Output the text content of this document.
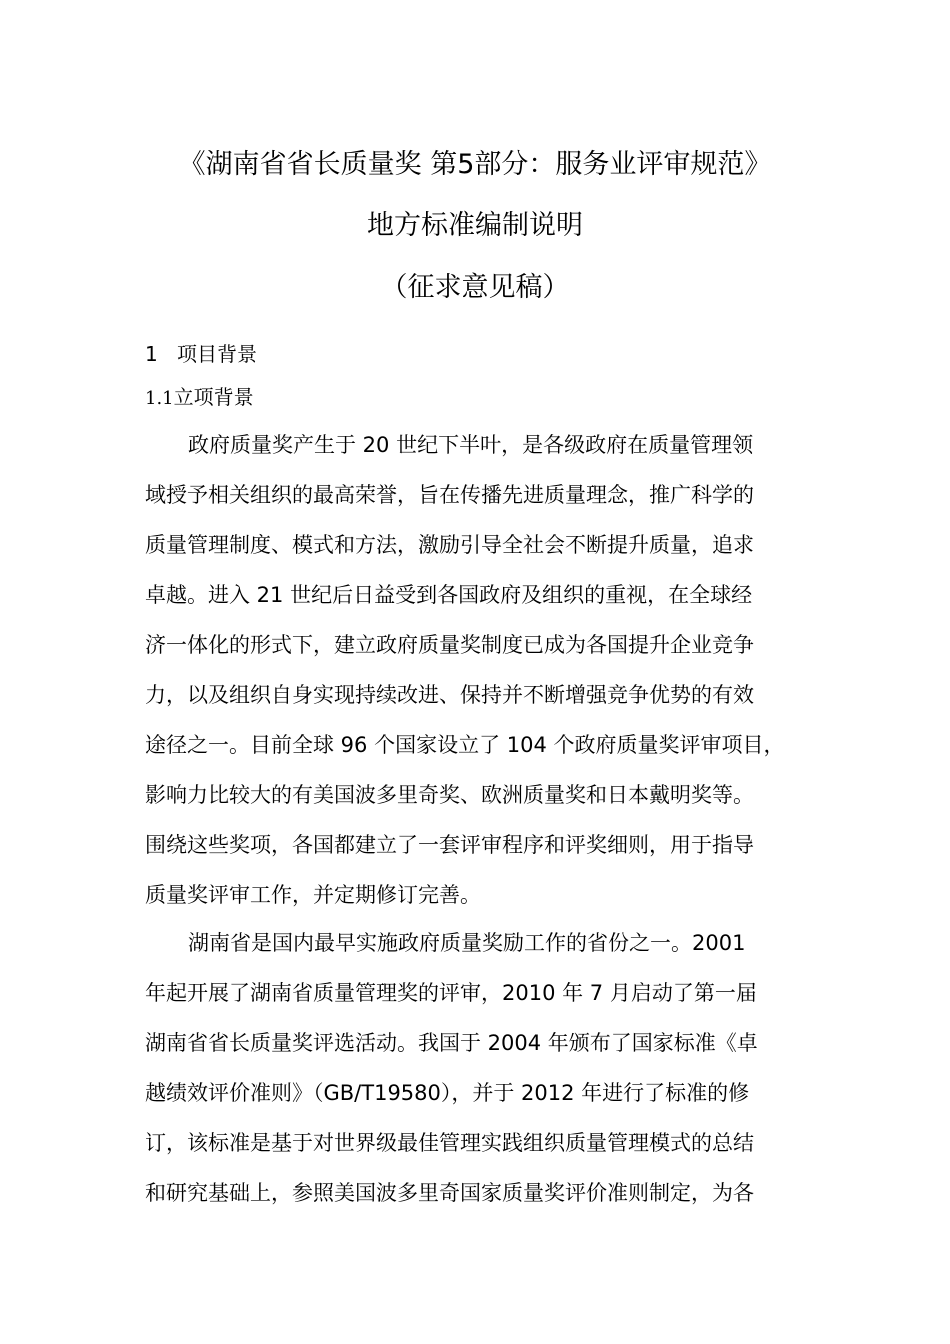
《湖南省省长质量奖 第5部分：服务业评审规范》
地方标准编制说明
（征求意见稿）
1 项目背景
1.1立项背景
政府质量奖产生于 20 世纪下半叶，是各级政府在质量管理领
域授予相关组织的最高荣誉，旨在传播先进质量理念，推广科学的
质量管理制度、模式和方法，激励引导全社会不断提升质量，追求
卓越。进入 21 世纪后日益受到各国政府及组织的重视，在全球经
济一体化的形式下，建立政府质量奖制度已成为各国提升企业竞争
力，以及组织自身实现持续改进、保持并不断增强竞争优势的有效
途径之一。目前全球 96 个国家设立了 104 个政府质量奖评审项目，
影响力比较大的有美国波多里奇奖、欧洲质量奖和日本戴明奖等。
围绕这些奖项，各国都建立了一套评审程序和评奖细则，用于指导
质量奖评审工作，并定期修订完善。
湖南省是国内最早实施政府质量奖励工作的省份之一。2001
年起开展了湖南省质量管理奖的评审，2010 年 7 月启动了第一届
湖南省省长质量奖评选活动。我国于 2004 年颁布了国家标准《卓
越绩效评价准则》（GB/T19580），并于 2012 年进行了标准的修
订，该标准是基于对世界级最佳管理实践组织质量管理模式的总结
和研究基础上，参照美国波多里奇国家质量奖评价准则制定，为各
